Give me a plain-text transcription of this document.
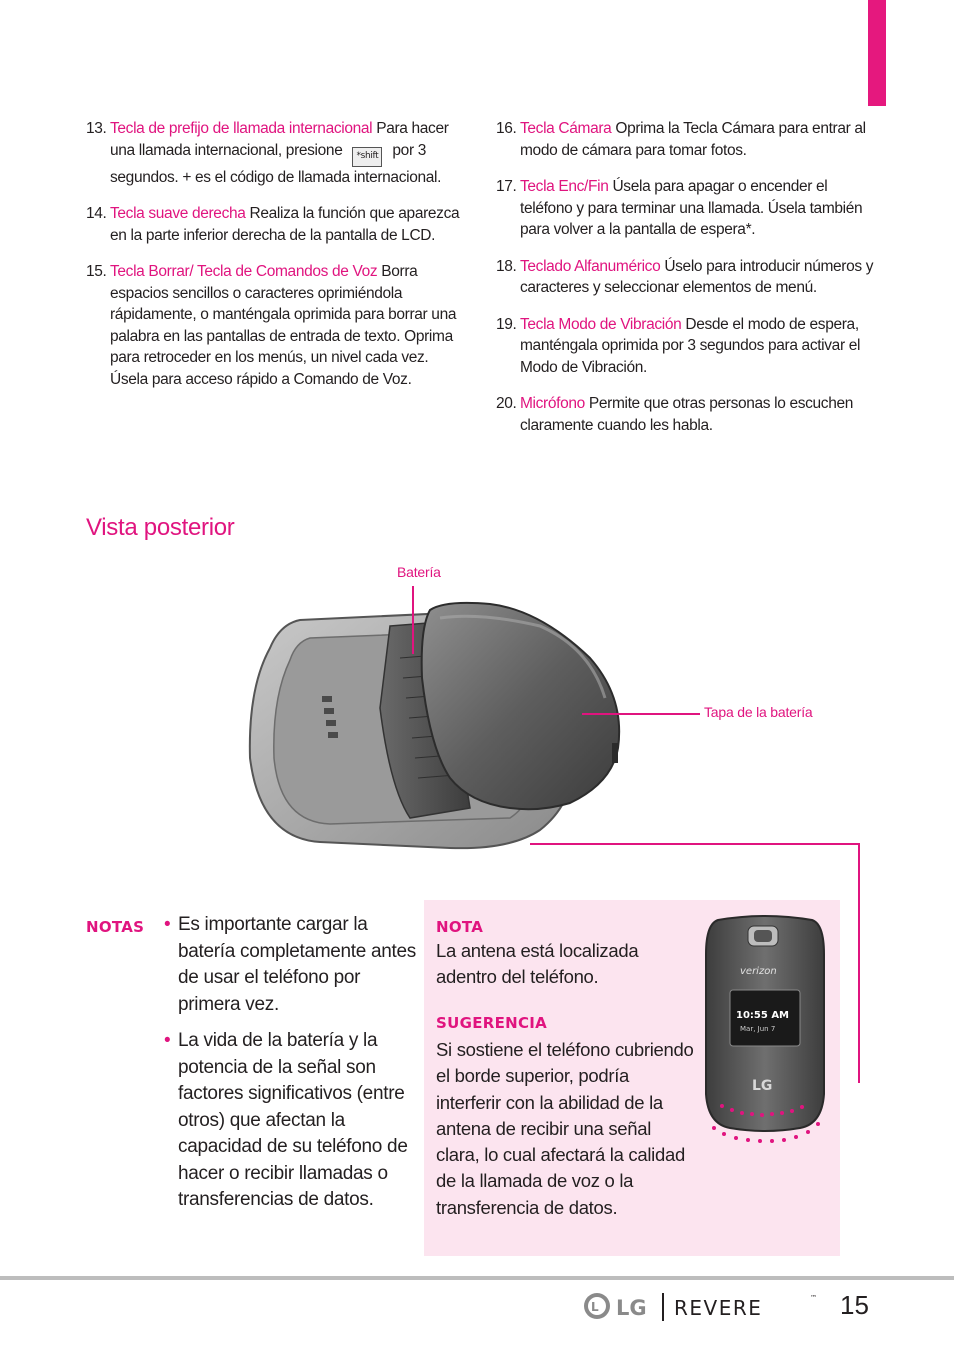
13. Tecla de prefijo de llamada internacional Para hacer una llamada internacional, presione *shift por 3 segundos. + es el código de llamada internacional.
14. Tecla suave derecha Realiza la función que aparezca en la parte inferior derecha de la pantalla de LCD.
15. Tecla Borrar/ Tecla de Comandos de Voz Borra espacios sencillos o caracteres oprimiéndola rápidamente, o manténgala oprimida para borrar una palabra en las pantallas de entrada de texto. Oprima para retroceder en los menús, un nivel cada vez. Úsela para acceso rápido a Comando de Voz.
16. Tecla Cámara Oprima la Tecla Cámara para entrar al modo de cámara para tomar fotos.
17. Tecla Enc/Fin Úsela para apagar o encender el teléfono y para terminar una llamada. Úsela también para volver a la pantalla de espera*.
18. Teclado Alfanumérico Úselo para introducir números y caracteres y seleccionar elementos de menú.
19. Tecla Modo de Vibración Desde el modo de espera, manténgala oprimida por 3 segundos para activar el Modo de Vibración.
20. Micrófono Permite que otras personas lo escuchen claramente cuando les habla.
Vista posterior
Batería
Tapa de la batería
NOTAS • Es importante cargar la batería completamente antes de usar el teléfono por primera vez.
• La vida de la batería y la potencia de la señal son factores significativos (entre otros) que afectan la capacidad de su teléfono de hacer o recibir llamadas o transferencias de datos.
NOTA
La antena está localizada adentro del teléfono.
SUGERENCIA
Si sostiene el teléfono cubriendo el borde superior, podría interferir con la abilidad de la antena de recibir una señal clara, lo cual afectará la calidad de la llamada de voz o la transferencia de datos.
verizon
10:55 AM
Mar, Jun 7
LG
L LG REVERE	™ 15
